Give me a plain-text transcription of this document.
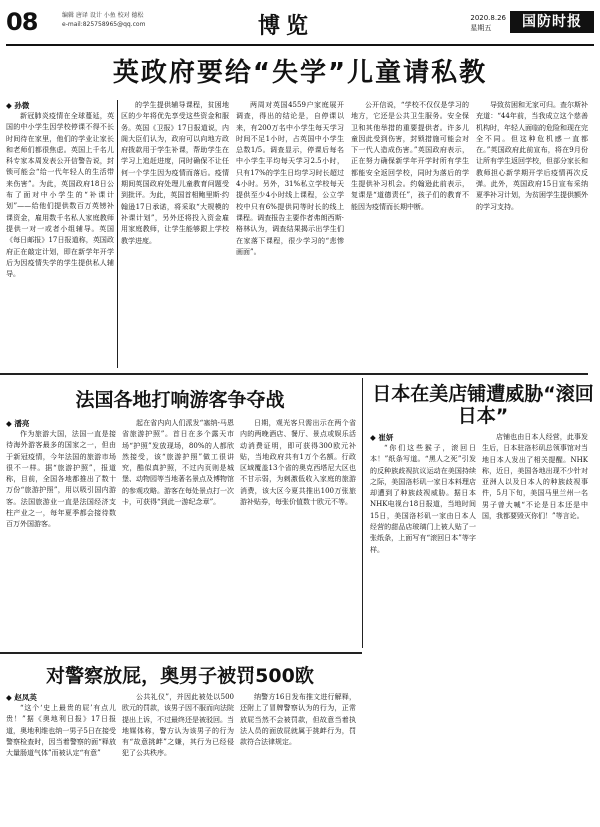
08	编辑 唐译 设计 小鱼 校对 德松
e-mail:825758965@qq.com	博览	2020.8.26
星期五	国防时报
英政府要给“失学”儿童请私教
◆ 孙微
新冠肺炎疫情在全球蔓延，英国的中小学生因学校停课不得不长时间待在家里，他们的学业让家长和老师们都很焦虑。英国上千名儿科专家本周发表公开信警告说，封锁可能会“给一代年轻人的生活带来伤害”。为此，英国政府18日公布了面对中小学生的“补课计划”——给他们提供数百万英镑补课资金，雇用数千名私人家庭教师提供一对一或者小组辅导。英国《每日邮报》17日报道称，英国政府正在敲定计划，即在新学年开学后为因疫情失学的学生提供私人辅导。
的学生提供辅导课程，贫困地区的少年将优先享受这些资金和服务。英国《卫报》17日报道说，内阁大臣们认为，政府可以向地方政府拨款用于学生补课，帮助学生在学习上追赶进度，同时确保不让任何一个学生因为疫情而落后。疫情期间英国政府处理儿童教育问题受到批评。为此，英国首相鲍里斯·约翰逊17日承诺，将采取“大规模的补课计划”，另外还将投入资金雇用家庭教师，让学生能够跟上学校教学进度。
两周对英国4559户家庭展开调查，得出的结论是，自停课以来，有200万名中小学生每天学习时间不足1小时，占英国中小学生总数1/5。调查显示，停课后每名中小学生平均每天学习2.5小时，只有17%的学生日均学习时长超过4小时。另外，31%私立学校每天提供至少4小时线上课程，公立学校中只有6%提供同等时长的线上课程。调查报告主要作者弗朗西斯·格林认为，调查结果揭示出学生们在家落下课程，很少学习的“悲惨画面”。
公开信说，“学校不仅仅是学习的地方，它还是公共卫生服务。安全保卫和其他举措的重要提供者。许多儿童因此受到伤害，封锁措施可能会对下一代人造成伤害。”英国政府表示，正在努力确保新学年开学时所有学生都能安全返回学校，同时为落后的学生提供补习机会。约翰逊此前表示，复课是“道德责任”，孩子们的教育不能因为疫情而长期中断。
导致贫困和无家可归。查尔斯补充道：“44年前，当我成立这个慈善机构时，年轻人面临的危险和现在完全不同。但这种危机感一直都在。”英国政府此前宣布，将在9月份让所有学生返回学校，但部分家长和教师担心新学期开学后疫情再次反弹。此外，英国政府15日宣布采纳夏季补习计划，为贫困学生提供额外的学习支持。
法国各地打响游客争夺战
◆ 潘亮
作为旅游大国，法国一直是接待海外游客最多的国家之一，但由于新冠疫情，今年法国的旅游市场很不一样。据“旅游护照”，报道称，目前，全国各地都推出了数十万份“旅游护照”，用以吸引国内游客。法国旅游业一直是法国经济支柱产业之一，每年夏季都会接待数百万外国游客。
起在省内向人们派发“塞纳-马恩省旅游护照”。首日在多个露天市场“护照”发放现场，80%的人都欣然接受，该“旅游护照”做工很讲究，酷似真护照，不过内页则是城堡、动物园等当地著名景点及博物馆的参观攻略。游客在每处景点打一次卡，可获得“到此一游纪念章”。
日期，观光客只需出示在两个省内的两晚酒店、餐厅、景点或娱乐活动消费证明，即可获得300欧元补贴，当地政府共有1万个名额。行政区域覆盖13个省的奥克西塔尼大区也不甘示弱，为刺激低收入家庭的旅游消费，该大区今夏共推出100万张旅游补贴券，每张价值数十欧元不等。
日本在美店铺遭威胁“滚回日本”
◆ 崔妍
“你们这些猴子，滚回日本！”纸条写道。“黑人之死”引发的反种族歧视抗议运动在美国持续之际，美国洛杉矶一家日本料理店却遭到了种族歧视威胁。据日本NHK电视台18日报道，当地时间15日，美国洛杉矶一家由日本人经营的甜品店玻璃门上被人贴了一张纸条，上面写有“滚回日本”等字样。
店铺也由日本人经营，此事发生后，日本驻洛杉矶总领事馆对当地日本人发出了相关提醒。NHK称，近日，美国各地出现不少针对亚洲人以及日本人的种族歧视事件，5月下旬，美国马里兰州一名男子曾大喊“不论是日本还是中国，我都要毁灭你们！”等言论。
对警察放屁，奥男子被罚500欧
◆ 赵凤英
“这个‘史上最贵的屁’有点儿贵！”据《奥地利日报》17日报道，奥地利维也纳一男子5日在接受警察检查时，因当着警察的面“释放大量肠道气体”而被认定“有意”
公共礼仪”，并因此被处以500欧元的罚款，该男子因不服而向法院提出上诉，不过最终还是被驳回。当地媒体称，警方认为该男子的行为有“故意挑衅”之嫌，其行为已经侵犯了公共秩序。
纳警方16日发布推文进行解释，还附上了冒牌警察认为的行为，正常放屁当然不会被罚款，但故意当着执法人员的面放屁就属于挑衅行为，罚款符合法律规定。
